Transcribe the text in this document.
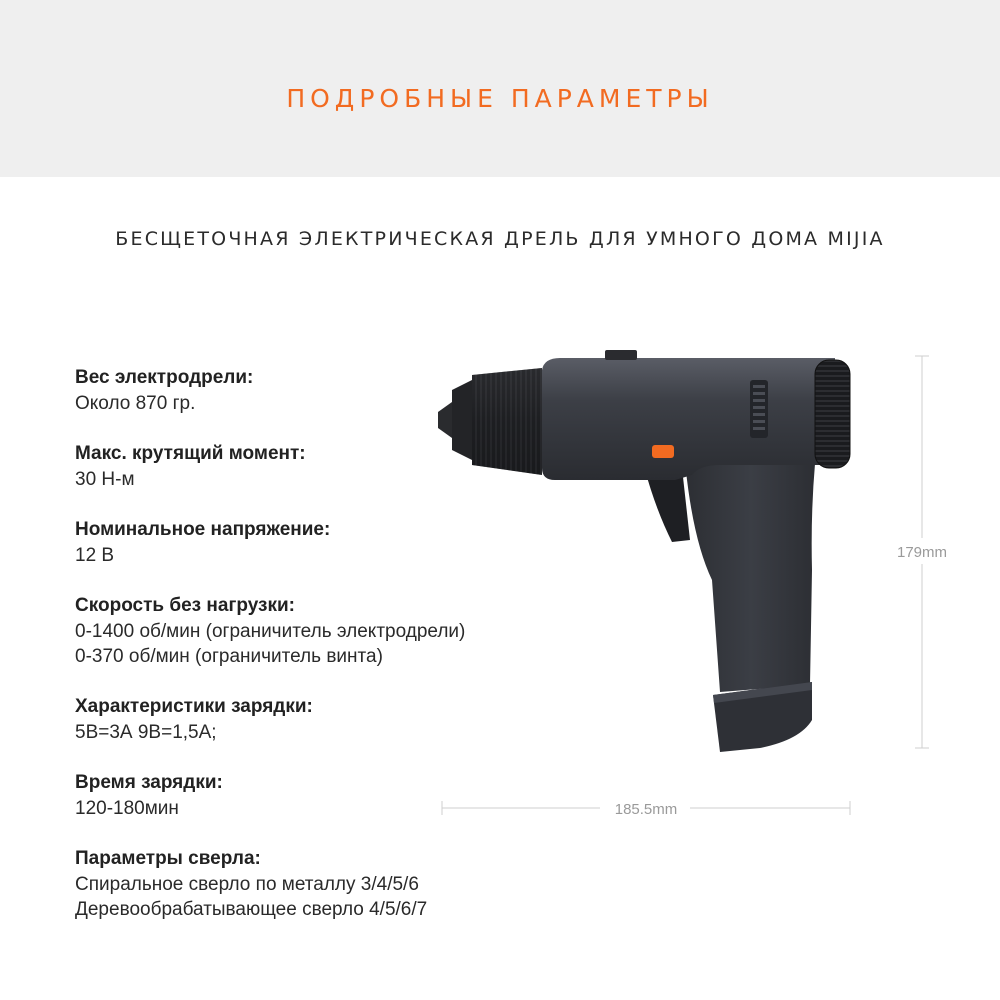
ПОДРОБНЫЕ ПАРАМЕТРЫ
БЕСЩЕТОЧНАЯ ЭЛЕКТРИЧЕСКАЯ ДРЕЛЬ ДЛЯ УМНОГО ДОМА MIJIA
Вес электродрели:
Около 870 гр.
Макс. крутящий момент:
30 Н-м
Номинальное напряжение:
12 В
Скорость без нагрузки:
0-1400 об/мин (ограничитель электродрели)
0-370 об/мин (ограничитель винта)
Характеристики зарядки:
5В=3А 9В=1,5А;
Время зарядки:
120-180мин
Параметры сверла:
Спиральное сверло по металлу 3/4/5/6
Деревообрабатывающее сверло 4/5/6/7
179mm
185.5mm
